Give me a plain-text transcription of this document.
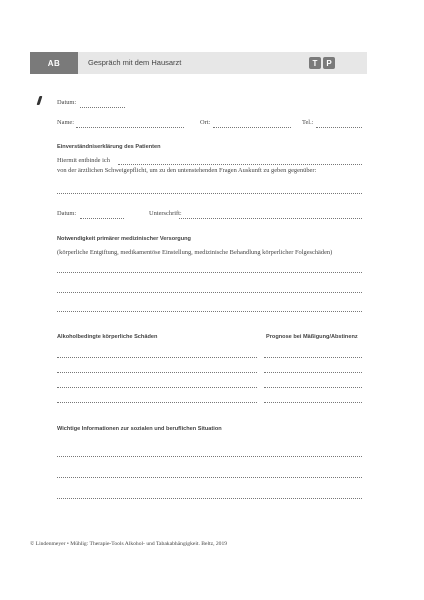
AB	Gespräch mit dem Hausarzt	T	P
Datum:
Name:	Ort:	Tel.:
Einverständniserklärung des Patienten
Hiermit entbinde ich
von der ärztlichen Schweigepflicht, um zu den untenstehenden Fragen Auskunft zu geben gegenüber:
Datum:	Unterschrift:
Notwendigkeit primärer medizinischer Versorgung
(körperliche Entgiftung, medikamentöse Einstellung, medizinische Behandlung körperlicher Folgeschäden)
Alkoholbedingte körperliche Schäden	Prognose bei Mäßigung/Abstinenz
Wichtige Informationen zur sozialen und beruflichen Situation
© Lindenmeyer • Mühlig: Therapie-Tools Alkohol- und Tabakabhängigkeit. Beltz, 2019
